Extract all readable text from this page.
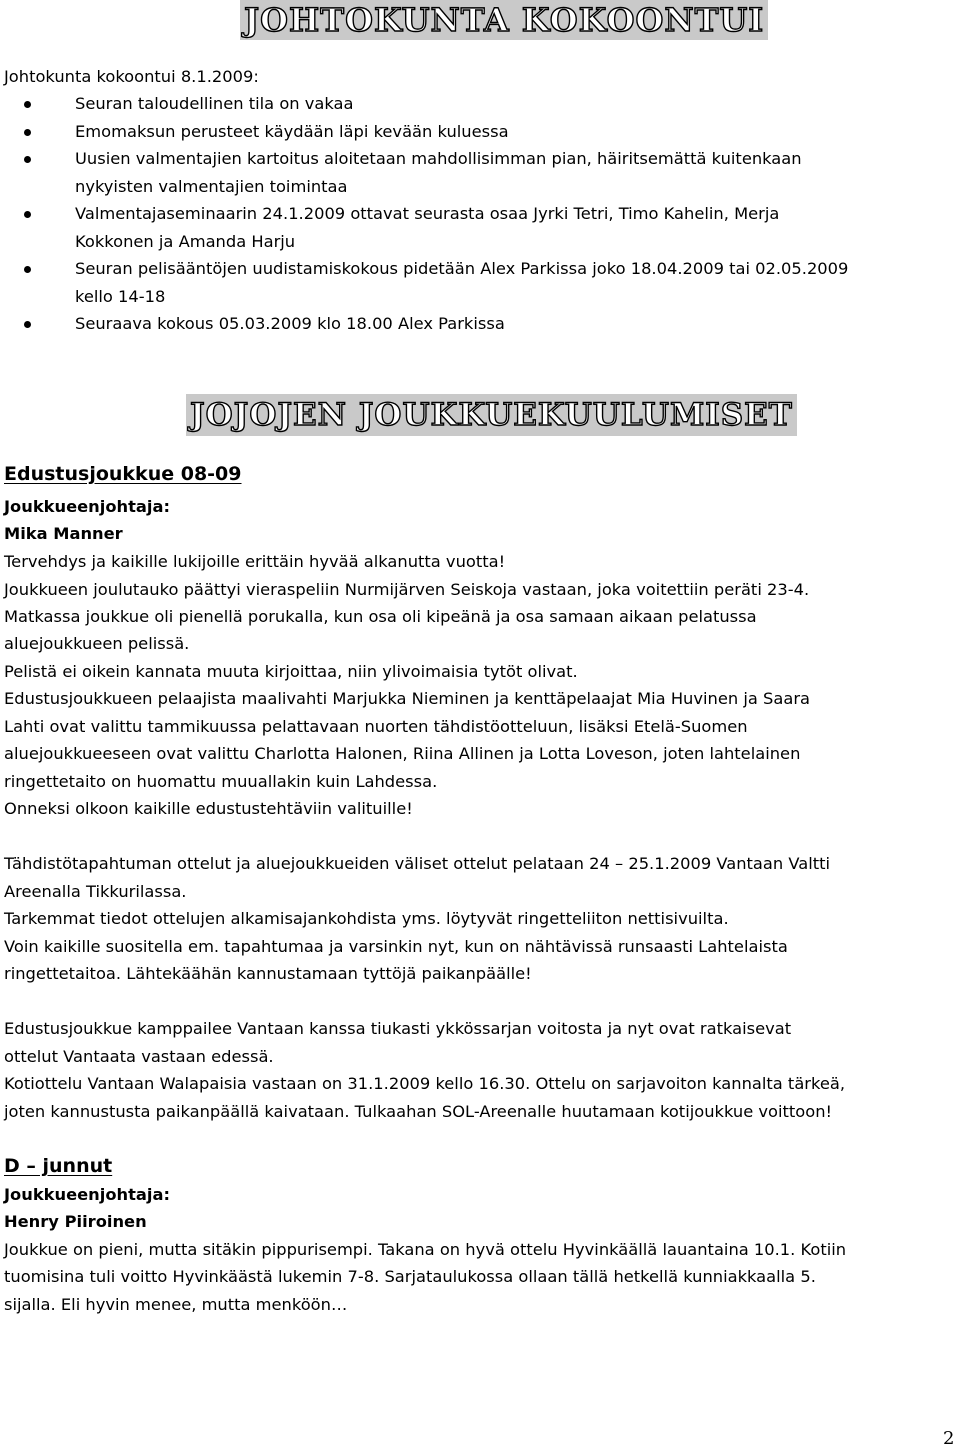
JOHTOKUNTA KOKOONTUI
Johtokunta kokoontui 8.1.2009:
Seuran taloudellinen tila on vakaa
Emomaksun perusteet käydään läpi kevään kuluessa
Uusien valmentajien kartoitus aloitetaan mahdollisimman pian, häiritsemättä kuitenkaan
nykyisten valmentajien toimintaa
Valmentajaseminaarin 24.1.2009 ottavat seurasta osaa Jyrki Tetri, Timo Kahelin, Merja
Kokkonen ja Amanda Harju
Seuran pelisääntöjen uudistamiskokous pidetään Alex Parkissa joko 18.04.2009 tai 02.05.2009
kello 14-18
Seuraava kokous 05.03.2009 klo 18.00 Alex Parkissa
JOJOJEN JOUKKUEKUULUMISET
Edustusjoukkue 08-09
Joukkueenjohtaja:
Mika Manner
Tervehdys ja kaikille lukijoille erittäin hyvää alkanutta vuotta!
Joukkueen joulutauko päättyi vieraspeliin Nurmijärven Seiskoja vastaan, joka voitettiin peräti 23-4.
Matkassa joukkue oli pienellä porukalla, kun osa oli kipeänä ja osa samaan aikaan pelatussa
aluejoukkueen pelissä.
Pelistä ei oikein kannata muuta kirjoittaa, niin ylivoimaisia tytöt olivat.
Edustusjoukkueen pelaajista maalivahti Marjukka Nieminen ja kenttäpelaajat Mia Huvinen ja Saara
Lahti ovat valittu tammikuussa pelattavaan nuorten tähdistöotteluun, lisäksi Etelä-Suomen
aluejoukkueeseen ovat valittu Charlotta Halonen, Riina Allinen ja Lotta Loveson, joten lahtelainen
ringettetaito on huomattu muuallakin kuin Lahdessa.
Onneksi olkoon kaikille edustustehtäviin valituille!
Tähdistötapahtuman ottelut ja aluejoukkueiden väliset ottelut pelataan 24 – 25.1.2009 Vantaan Valtti
Areenalla Tikkurilassa.
Tarkemmat tiedot ottelujen alkamisajankohdista yms. löytyvät ringetteliiton nettisivuilta.
Voin kaikille suositella em. tapahtumaa ja varsinkin nyt, kun on nähtävissä runsaasti Lahtelaista
ringettetaitoa. Lähtekäähän kannustamaan tyttöjä paikanpäälle!
Edustusjoukkue kamppailee Vantaan kanssa tiukasti ykkössarjan voitosta ja nyt ovat ratkaisevat
ottelut Vantaata vastaan edessä.
Kotiottelu Vantaan Walapaisia vastaan on 31.1.2009 kello 16.30. Ottelu on sarjavoiton kannalta tärkeä,
joten kannustusta paikanpäällä kaivataan. Tulkaahan SOL-Areenalle huutamaan kotijoukkue voittoon!
D – junnut
Joukkueenjohtaja:
Henry Piiroinen
Joukkue on pieni, mutta sitäkin pippurisempi. Takana on hyvä ottelu Hyvinkäällä lauantaina 10.1. Kotiin
tuomisina tuli voitto Hyvinkäästä lukemin 7-8. Sarjataulukossa ollaan tällä hetkellä kunniakkaalla 5.
sijalla. Eli hyvin menee, mutta menköön…
2
